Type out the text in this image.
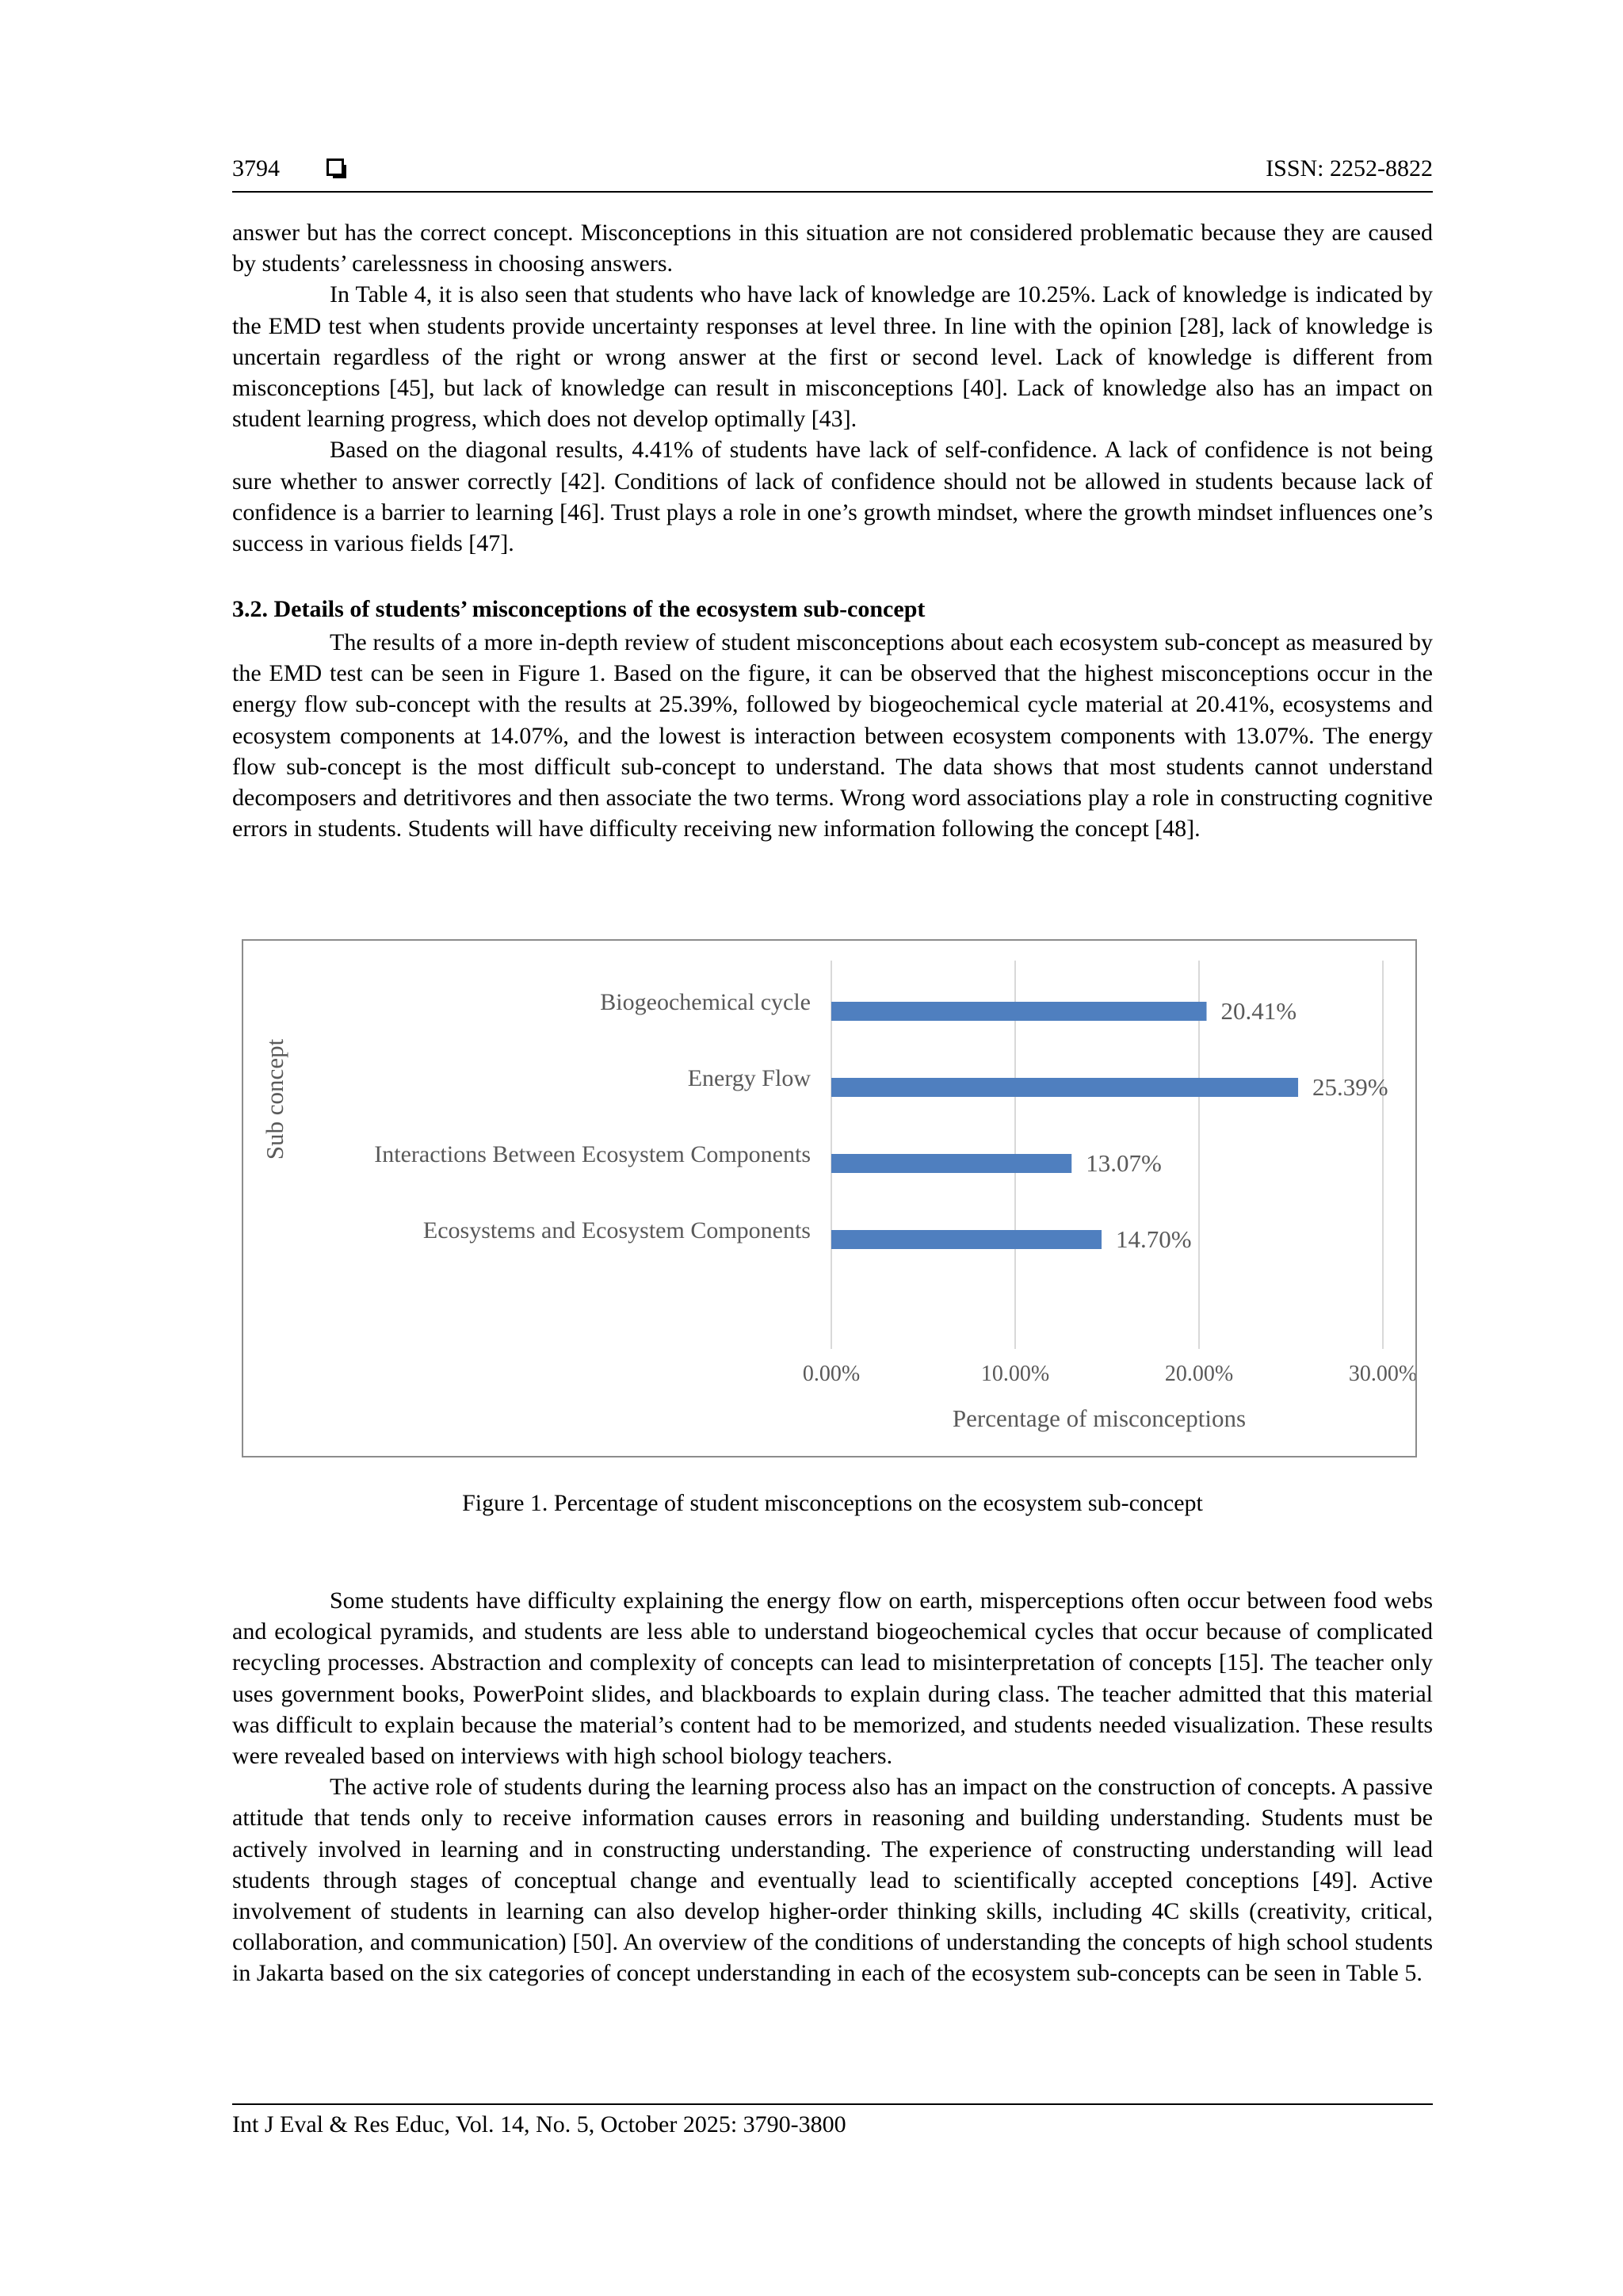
3794	ISSN: 2252-8822

answer but has the correct concept. Misconceptions in this situation are not considered problematic because they are caused by students’ carelessness in choosing answers.

In Table 4, it is also seen that students who have lack of knowledge are 10.25%. Lack of knowledge is indicated by the EMD test when students provide uncertainty responses at level three. In line with the opinion [28], lack of knowledge is uncertain regardless of the right or wrong answer at the first or second level. Lack of knowledge is different from misconceptions [45], but lack of knowledge can result in misconceptions [40]. Lack of knowledge also has an impact on student learning progress, which does not develop optimally [43].

Based on the diagonal results, 4.41% of students have lack of self-confidence. A lack of confidence is not being sure whether to answer correctly [42]. Conditions of lack of confidence should not be allowed in students because lack of confidence is a barrier to learning [46]. Trust plays a role in one’s growth mindset, where the growth mindset influences one’s success in various fields [47].

3.2. Details of students’ misconceptions of the ecosystem sub-concept

The results of a more in-depth review of student misconceptions about each ecosystem sub-concept as measured by the EMD test can be seen in Figure 1. Based on the figure, it can be observed that the highest misconceptions occur in the energy flow sub-concept with the results at 25.39%, followed by biogeochemical cycle material at 20.41%, ecosystems and ecosystem components at 14.07%, and the lowest is interaction between ecosystem components with 13.07%. The energy flow sub-concept is the most difficult sub-concept to understand. The data shows that most students cannot understand decomposers and detritivores and then associate the two terms. Wrong word associations play a role in constructing cognitive errors in students. Students will have difficulty receiving new information following the concept [48].

0.00%	10.00%	20.00%	30.00%
Biogeochemical cycle	20.41%
Energy Flow	25.39%
Interactions Between Ecosystem Components	13.07%
Ecosystems and Ecosystem Components	14.70%
Percentage of misconceptions
Sub concept
Figure 1. Percentage of student misconceptions on the ecosystem sub-concept

Some students have difficulty explaining the energy flow on earth, misperceptions often occur between food webs and ecological pyramids, and students are less able to understand biogeochemical cycles that occur because of complicated recycling processes. Abstraction and complexity of concepts can lead to misinterpretation of concepts [15]. The teacher only uses government books, PowerPoint slides, and blackboards to explain during class. The teacher admitted that this material was difficult to explain because the material’s content had to be memorized, and students needed visualization. These results were revealed based on interviews with high school biology teachers.

The active role of students during the learning process also has an impact on the construction of concepts. A passive attitude that tends only to receive information causes errors in reasoning and building understanding. Students must be actively involved in learning and in constructing understanding. The experience of constructing understanding will lead students through stages of conceptual change and eventually lead to scientifically accepted conceptions [49]. Active involvement of students in learning can also develop higher-order thinking skills, including 4C skills (creativity, critical, collaboration, and communication) [50]. An overview of the conditions of understanding the concepts of high school students in Jakarta based on the six categories of concept understanding in each of the ecosystem sub-concepts can be seen in Table 5.

Int J Eval & Res Educ, Vol. 14, No. 5, October 2025: 3790-3800
